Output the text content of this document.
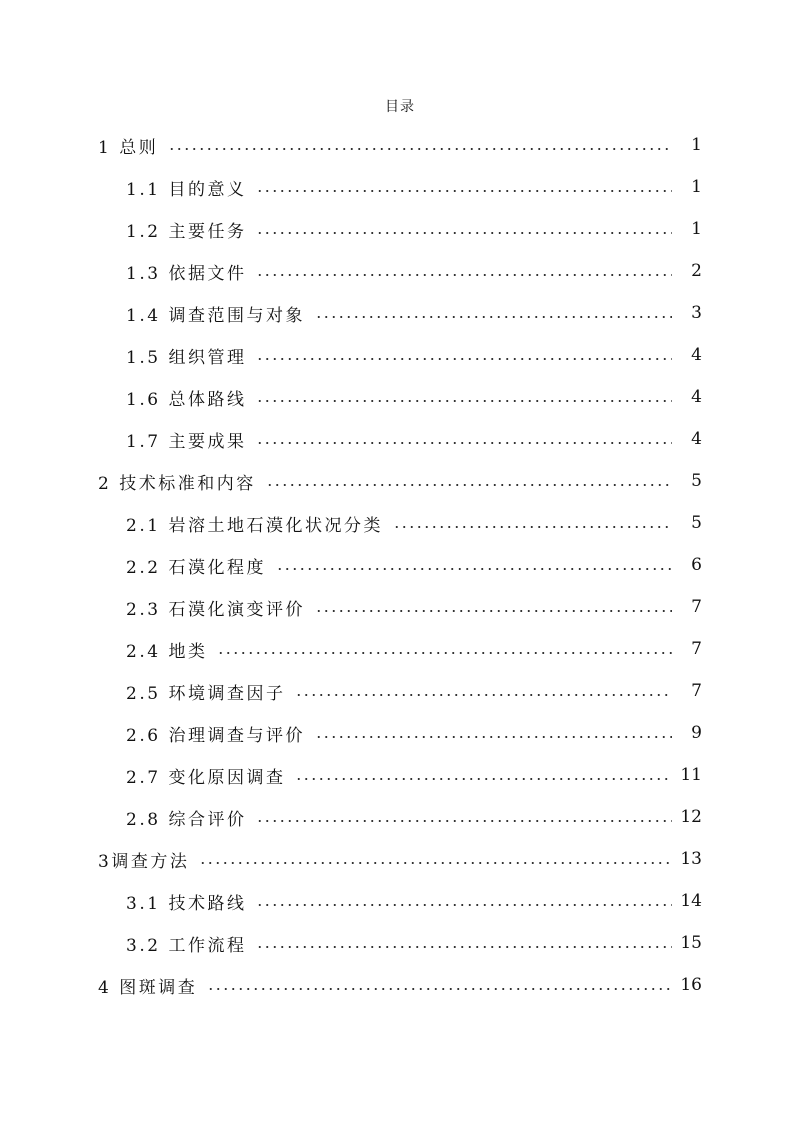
目录
1 总则	1
1.1 目的意义	1
1.2 主要任务	1
1.3 依据文件	2
1.4 调查范围与对象	3
1.5 组织管理	4
1.6 总体路线	4
1.7 主要成果	4
2 技术标准和内容	5
2.1 岩溶土地石漠化状况分类	5
2.2 石漠化程度	6
2.3 石漠化演变评价	7
2.4 地类	7
2.5 环境调查因子	7
2.6 治理调查与评价	9
2.7 变化原因调查	11
2.8 综合评价	12
3调查方法	13
3.1 技术路线	14
3.2 工作流程	15
4 图斑调查	16
